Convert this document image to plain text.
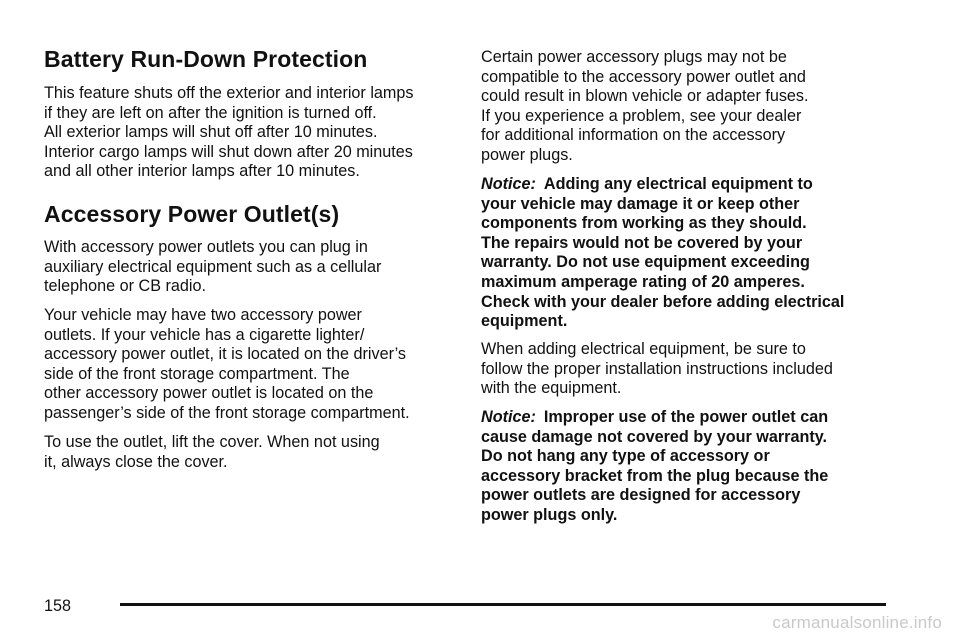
Battery Run-Down Protection

This feature shuts off the exterior and interior lamps
if they are left on after the ignition is turned off.
All exterior lamps will shut off after 10 minutes.
Interior cargo lamps will shut down after 20 minutes
and all other interior lamps after 10 minutes.

Accessory Power Outlet(s)

With accessory power outlets you can plug in
auxiliary electrical equipment such as a cellular
telephone or CB radio.

Your vehicle may have two accessory power
outlets. If your vehicle has a cigarette lighter/
accessory power outlet, it is located on the driver’s
side of the front storage compartment. The
other accessory power outlet is located on the
passenger’s side of the front storage compartment.

To use the outlet, lift the cover. When not using
it, always close the cover.

Certain power accessory plugs may not be
compatible to the accessory power outlet and
could result in blown vehicle or adapter fuses.
If you experience a problem, see your dealer
for additional information on the accessory
power plugs.

Notice: Adding any electrical equipment to
your vehicle may damage it or keep other
components from working as they should.
The repairs would not be covered by your
warranty. Do not use equipment exceeding
maximum amperage rating of 20 amperes.
Check with your dealer before adding electrical
equipment.

When adding electrical equipment, be sure to
follow the proper installation instructions included
with the equipment.

Notice: Improper use of the power outlet can
cause damage not covered by your warranty.
Do not hang any type of accessory or
accessory bracket from the plug because the
power outlets are designed for accessory
power plugs only.

158
carmanualsonline.info
